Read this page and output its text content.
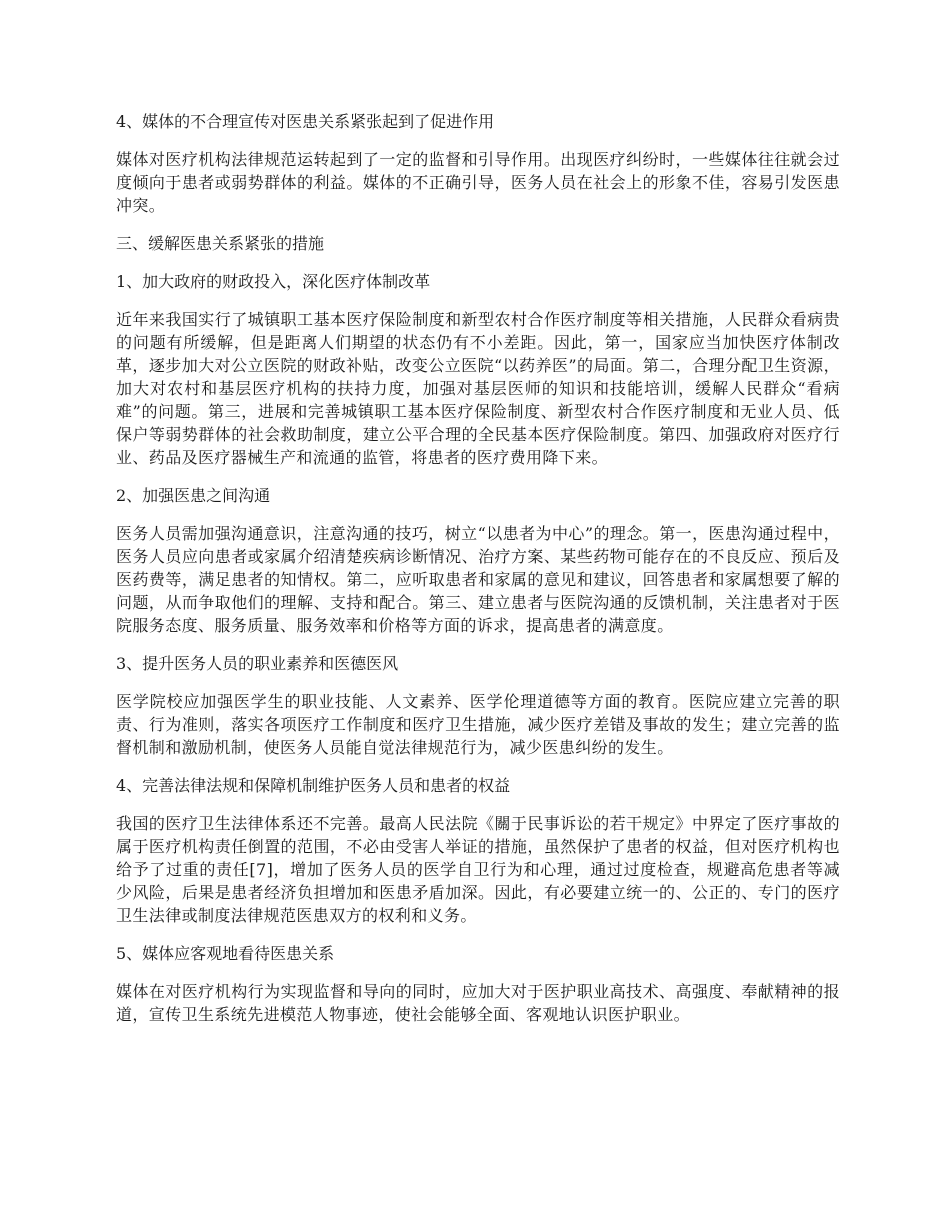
4、媒体的不合理宣传对医患关系紧张起到了促进作用
媒体对医疗机构法律规范运转起到了一定的监督和引导作用。出现医疗纠纷时，一些媒体往往就会过度倾向于患者或弱势群体的利益。媒体的不正确引导，医务人员在社会上的形象不佳，容易引发医患冲突。
三、缓解医患关系紧张的措施
1、加大政府的财政投入，深化医疗体制改革
近年来我国实行了城镇职工基本医疗保险制度和新型农村合作医疗制度等相关措施，人民群众看病贵的问题有所缓解，但是距离人们期望的状态仍有不小差距。因此，第一，国家应当加快医疗体制改革，逐步加大对公立医院的财政补贴，改变公立医院“以药养医”的局面。第二，合理分配卫生资源，加大对农村和基层医疗机构的扶持力度，加强对基层医师的知识和技能培训，缓解人民群众“看病难”的问题。第三，进展和完善城镇职工基本医疗保险制度、新型农村合作医疗制度和无业人员、低保户等弱势群体的社会救助制度，建立公平合理的全民基本医疗保险制度。第四、加强政府对医疗行业、药品及医疗器械生产和流通的监管，将患者的医疗费用降下来。
2、加强医患之间沟通
医务人员需加强沟通意识，注意沟通的技巧，树立“以患者为中心”的理念。第一，医患沟通过程中，医务人员应向患者或家属介绍清楚疾病诊断情况、治疗方案、某些药物可能存在的不良反应、预后及医药费等，满足患者的知情权。第二，应听取患者和家属的意见和建议，回答患者和家属想要了解的问题，从而争取他们的理解、支持和配合。第三、建立患者与医院沟通的反馈机制，关注患者对于医院服务态度、服务质量、服务效率和价格等方面的诉求，提高患者的满意度。
3、提升医务人员的职业素养和医德医风
医学院校应加强医学生的职业技能、人文素养、医学伦理道德等方面的教育。医院应建立完善的职责、行为准则，落实各项医疗工作制度和医疗卫生措施，减少医疗差错及事故的发生；建立完善的监督机制和激励机制，使医务人员能自觉法律规范行为，减少医患纠纷的发生。
4、完善法律法规和保障机制维护医务人员和患者的权益
我国的医疗卫生法律体系还不完善。最高人民法院《關于民事诉讼的若干规定》中界定了医疗事故的属于医疗机构责任倒置的范围，不必由受害人举证的措施，虽然保护了患者的权益，但对医疗机构也给予了过重的责任[7]，增加了医务人员的医学自卫行为和心理，通过过度检查，规避高危患者等减少风险，后果是患者经济负担增加和医患矛盾加深。因此，有必要建立统一的、公正的、专门的医疗卫生法律或制度法律规范医患双方的权利和义务。
5、媒体应客观地看待医患关系
媒体在对医疗机构行为实现监督和导向的同时，应加大对于医护职业高技术、高强度、奉献精神的报道，宣传卫生系统先进模范人物事迹，使社会能够全面、客观地认识医护职业。
